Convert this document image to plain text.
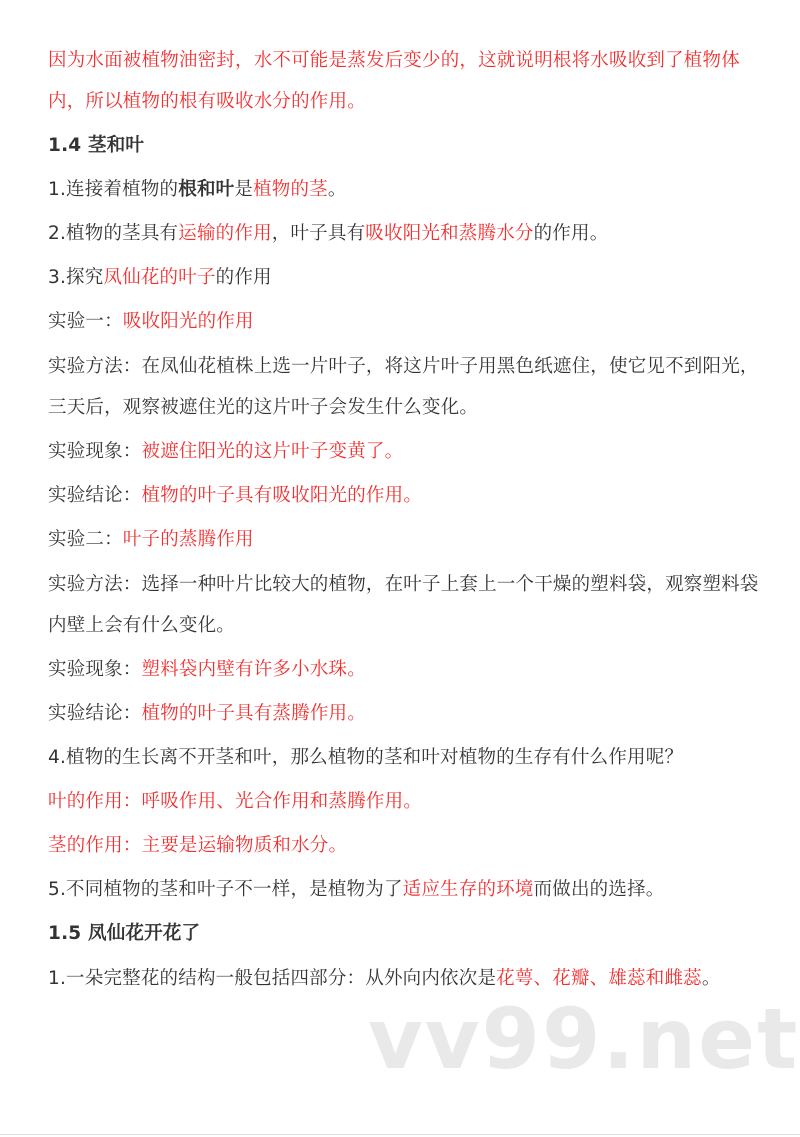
因为水面被植物油密封，水不可能是蒸发后变少的，这就说明根将水吸收到了植物体内，所以植物的根有吸收水分的作用。

1.4 茎和叶

1.连接着植物的根和叶是植物的茎。

2.植物的茎具有运输的作用，叶子具有吸收阳光和蒸腾水分的作用。

3.探究凤仙花的叶子的作用

实验一：吸收阳光的作用

实验方法：在凤仙花植株上选一片叶子，将这片叶子用黑色纸遮住，使它见不到阳光，三天后，观察被遮住光的这片叶子会发生什么变化。

实验现象：被遮住阳光的这片叶子变黄了。

实验结论：植物的叶子具有吸收阳光的作用。

实验二：叶子的蒸腾作用

实验方法：选择一种叶片比较大的植物，在叶子上套上一个干燥的塑料袋，观察塑料袋内壁上会有什么变化。

实验现象：塑料袋内壁有许多小水珠。

实验结论：植物的叶子具有蒸腾作用。

4.植物的生长离不开茎和叶，那么植物的茎和叶对植物的生存有什么作用呢？

叶的作用：呼吸作用、光合作用和蒸腾作用。

茎的作用：主要是运输物质和水分。

5.不同植物的茎和叶子不一样，是植物为了适应生存的环境而做出的选择。

1.5 凤仙花开花了

1.一朵完整花的结构一般包括四部分：从外向内依次是花萼、花瓣、雄蕊和雌蕊。

vv99.net
